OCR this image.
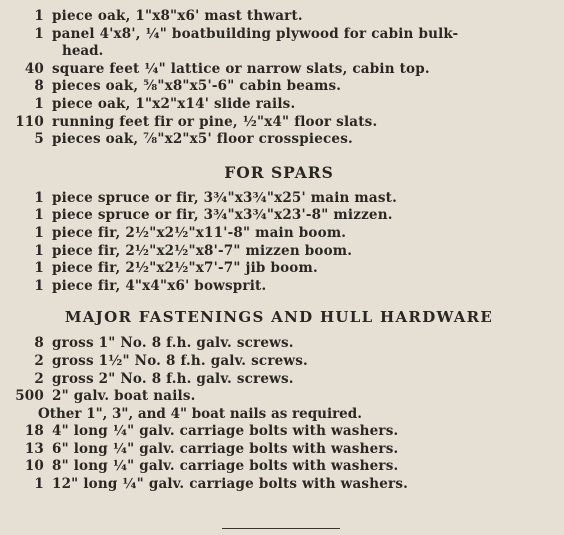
1 piece oak, 1"x8"x6' mast thwart.
1 panel 4'x8', ¼" boatbuilding plywood for cabin bulk-
head.
40 square feet ¼" lattice or narrow slats, cabin top.
8 pieces oak, ⅝"x8"x5'-6" cabin beams.
1 piece oak, 1"x2"x14' slide rails.
110 running feet fir or pine, ½"x4" floor slats.
5 pieces oak, ⅞"x2"x5' floor crosspieces.
FOR SPARS
1 piece spruce or fir, 3¾"x3¾"x25' main mast.
1 piece spruce or fir, 3¾"x3¾"x23'-8" mizzen.
1 piece fir, 2½"x2½"x11'-8" main boom.
1 piece fir, 2½"x2½"x8'-7" mizzen boom.
1 piece fir, 2½"x2½"x7'-7" jib boom.
1 piece fir, 4"x4"x6' bowsprit.
MAJOR FASTENINGS AND HULL HARDWARE
8 gross 1" No. 8 f.h. galv. screws.
2 gross 1½" No. 8 f.h. galv. screws.
2 gross 2" No. 8 f.h. galv. screws.
500 2" galv. boat nails.
Other 1", 3", and 4" boat nails as required.
18 4" long ¼" galv. carriage bolts with washers.
13 6" long ¼" galv. carriage bolts with washers.
10 8" long ¼" galv. carriage bolts with washers.
1 12" long ¼" galv. carriage bolts with washers.
